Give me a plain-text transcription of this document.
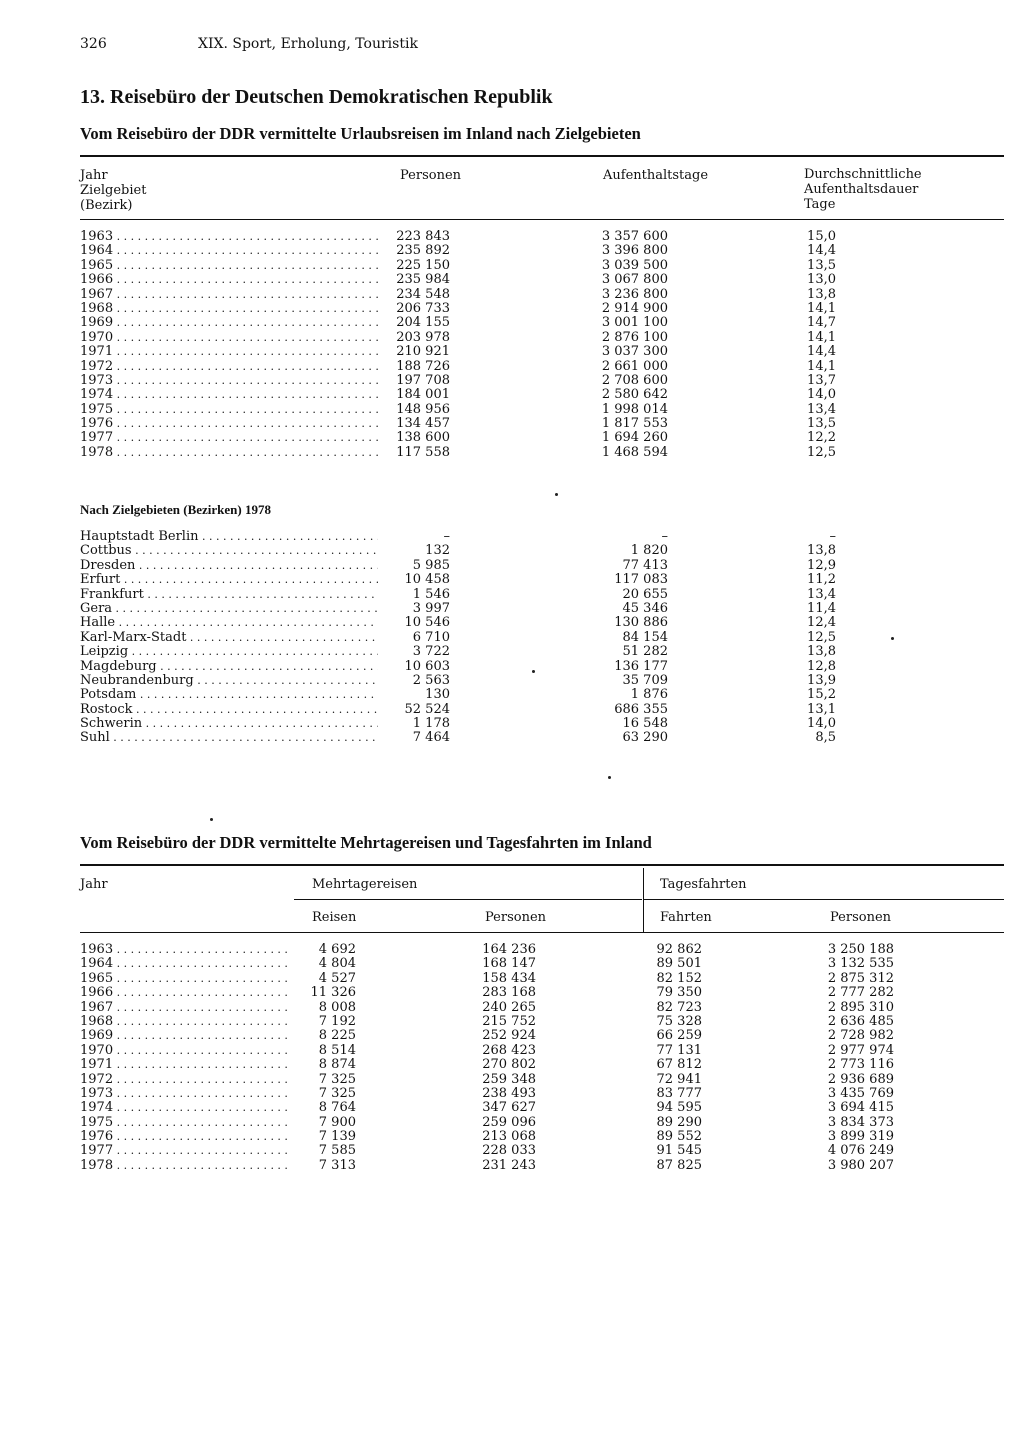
326	XIX. Sport, Erholung, Touristik
13. Reisebüro der Deutschen Demokratischen Republik
Vom Reisebüro der DDR vermittelte Urlaubsreisen im Inland nach Zielgebieten
Jahr
Zielgebiet
(Bezirk)
Personen	Aufenthaltstage	Durchschnittliche
Aufenthaltsdauer
Tage
1963 . . .	223 843	3 357 600	15,0
1964 . . .	235 892	3 396 800	14,4
1965 . . .	225 150	3 039 500	13,5
1966 . . .	235 984	3 067 800	13,0
1967 . . .	234 548	3 236 800	13,8
1968 . . .	206 733	2 914 900	14,1
1969 . . .	204 155	3 001 100	14,7
1970 . . .	203 978	2 876 100	14,1
1971 . . .	210 921	3 037 300	14,4
1972 . . .	188 726	2 661 000	14,1
1973 . . .	197 708	2 708 600	13,7
1974 . . .	184 001	2 580 642	14,0
1975 . . .	148 956	1 998 014	13,4
1976 . . .	134 457	1 817 553	13,5
1977 . . .	138 600	1 694 260	12,2
1978 . . .	117 558	1 468 594	12,5
Nach Zielgebieten (Bezirken) 1978
Hauptstadt Berlin . . .	–	–	–
Cottbus . . .	132	1 820	13,8
Dresden . . .	5 985	77 413	12,9
Erfurt . . .	10 458	117 083	11,2
Frankfurt . . .	1 546	20 655	13,4
Gera . . .	3 997	45 346	11,4
Halle . . .	10 546	130 886	12,4
Karl-Marx-Stadt . . .	6 710	84 154	12,5
Leipzig . . .	3 722	51 282	13,8
Magdeburg . . .	10 603	136 177	12,8
Neubrandenburg . . .	2 563	35 709	13,9
Potsdam . . .	130	1 876	15,2
Rostock . . .	52 524	686 355	13,1
Schwerin . . .	1 178	16 548	14,0
Suhl . . .	7 464	63 290	8,5
Vom Reisebüro der DDR vermittelte Mehrtagereisen und Tagesfahrten im Inland
Jahr	Mehrtagereisen	Tagesfahrten
Reisen	Personen	Fahrten	Personen
1963 . . .	4 692	164 236	92 862	3 250 188
1964 . . .	4 804	168 147	89 501	3 132 535
1965 . . .	4 527	158 434	82 152	2 875 312
1966 . . .	11 326	283 168	79 350	2 777 282
1967 . . .	8 008	240 265	82 723	2 895 310
1968 . . .	7 192	215 752	75 328	2 636 485
1969 . . .	8 225	252 924	66 259	2 728 982
1970 . . .	8 514	268 423	77 131	2 977 974
1971 . . .	8 874	270 802	67 812	2 773 116
1972 . . .	7 325	259 348	72 941	2 936 689
1973 . . .	7 325	238 493	83 777	3 435 769
1974 . . .	8 764	347 627	94 595	3 694 415
1975 . . .	7 900	259 096	89 290	3 834 373
1976 . . .	7 139	213 068	89 552	3 899 319
1977 . . .	7 585	228 033	91 545	4 076 249
1978 . . .	7 313	231 243	87 825	3 980 207
